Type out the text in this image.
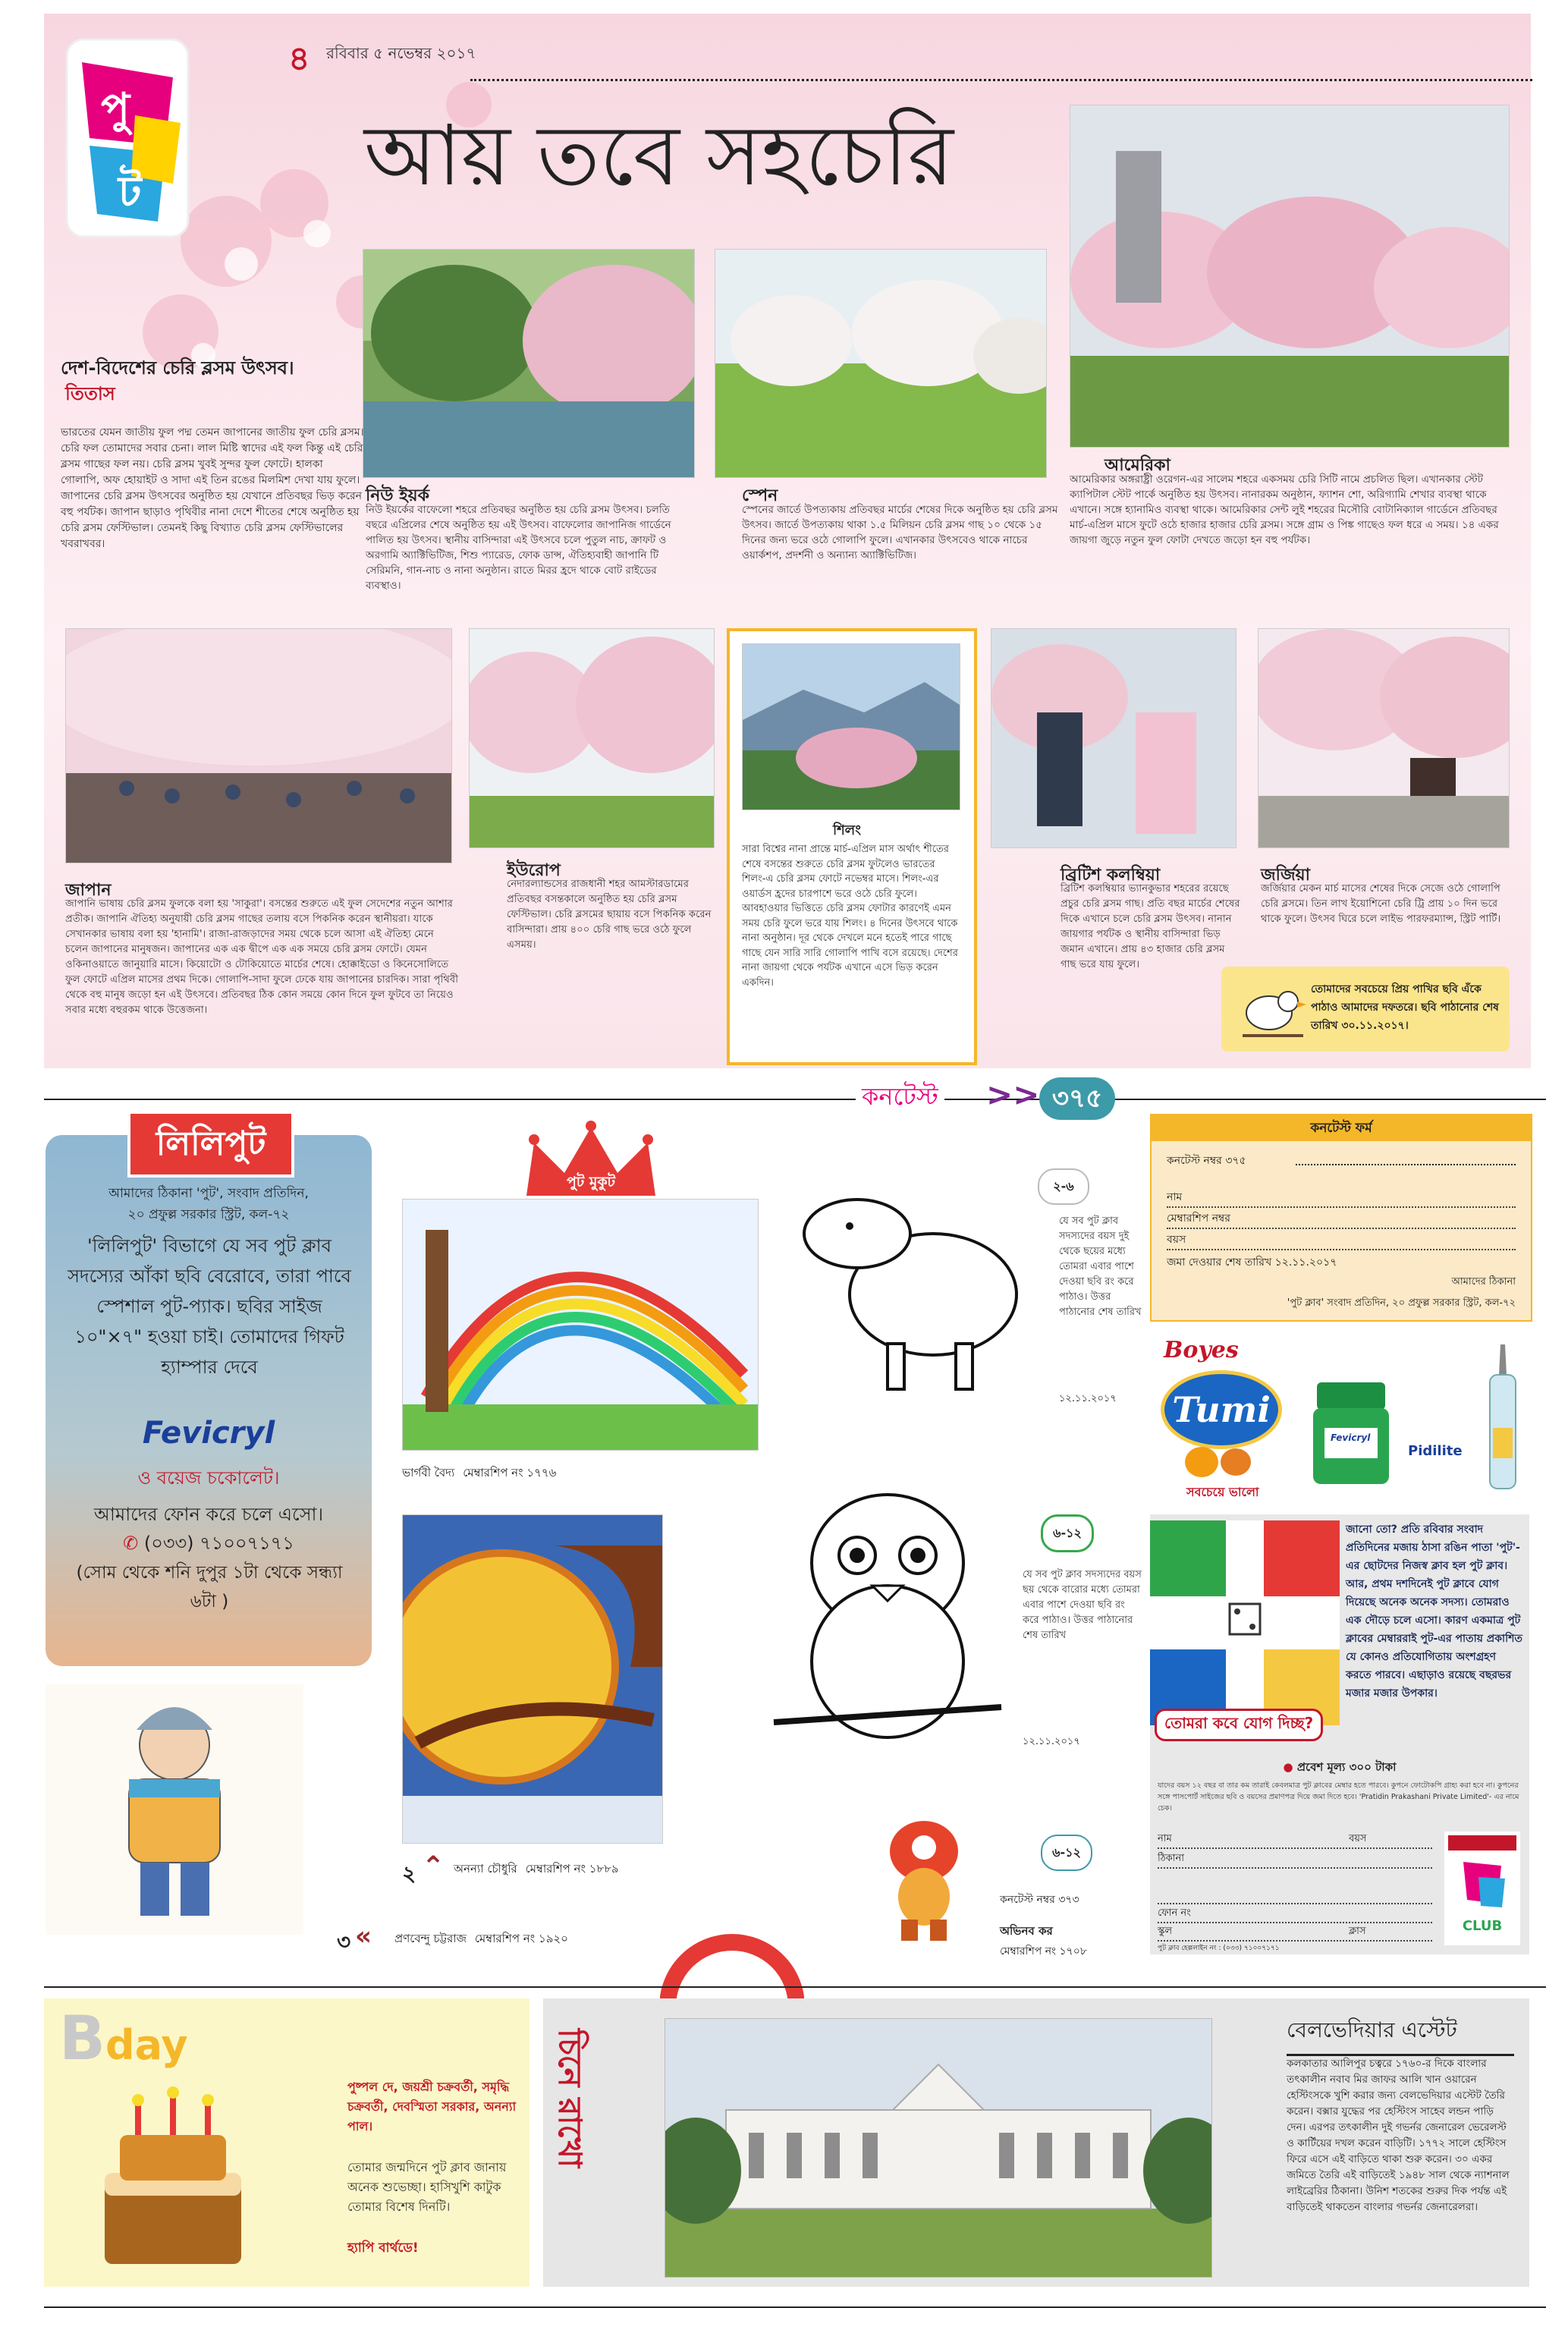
পু
ট
৪ রবিবার ৫ নভেম্বর ২০১৭
আয় তবে সহচেরি
দেশ-বিদেশের চেরি ব্লসম উৎসব। তিতাস
ভারতের যেমন জাতীয় ফুল পদ্ম তেমন জাপানের জাতীয় ফুল চেরি ব্লসম। চেরি ফল তোমাদের সবার চেনা। লাল মিষ্টি স্বাদের এই ফল কিন্তু এই চেরি ব্লসম গাছের ফল নয়। চেরি ব্লসম খুবই সুন্দর ফুল ফোটে। হালকা গোলাপি, অফ হোয়াইট ও সাদা এই তিন রঙের মিলমিশ দেখা যায় ফুলে। জাপানের চেরি ব্লসম উৎসবের অনুষ্ঠিত হয় যেখানে প্রতিবছর ভিড় করেন বহু পর্যটক। জাপান ছাড়াও পৃথিবীর নানা দেশে শীতের শেষে অনুষ্ঠিত হয় চেরি ব্লসম ফেস্টিভাল। তেমনই কিছু বিখ্যাত চেরি ব্লসম ফেস্টিভালের খবরাখবর।
নিউ ইয়র্ক
নিউ ইয়র্কের বাফেলো শহরে প্রতিবছর অনুষ্ঠিত হয় চেরি ব্লসম উৎসব। চলতি বছরে এপ্রিলের শেষে অনুষ্ঠিত হয় এই উৎসব। বাফেলোর জাপানিজ গার্ডেনে পালিত হয় উৎসব। স্থানীয় বাসিন্দারা এই উৎসবে চলে পুতুল নাচ, ক্রাফট ও অরগামি অ্যাক্টিভিটিজ, শিশু প্যারেড, ফোক ডান্স, ঐতিহ্যবাহী জাপানি টি সেরিমনি, গান-নাচ ও নানা অনুষ্ঠান। রাতে মিরর হ্রদে থাকে বোট রাইডের ব্যবস্থাও।
স্পেন
স্পেনের জার্তে উপত্যকায় প্রতিবছর মার্চের শেষের দিকে অনুষ্ঠিত হয় চেরি ব্লসম উৎসব। জার্তে উপত্যকায় থাকা ১.৫ মিলিয়ন চেরি ব্লসম গাছ ১০ থেকে ১৫ দিনের জন্য ভরে ওঠে গোলাপি ফুলে। এখানকার উৎসবেও থাকে নাচের ওয়ার্কশপ, প্রদর্শনী ও অন্যান্য অ্যাক্টিভিটিজ।
আমেরিকা
আমেরিকার অঙ্গরাষ্ট্রী ওরেগন-এর সালেম শহরে একসময় চেরি সিটি নামে প্রচলিত ছিল। এখানকার স্টেট ক্যাপিটাল স্টেট পার্কে অনুষ্ঠিত হয় উৎসব। নানারকম অনুষ্ঠান, ফ্যাশন শো, অরিগ্যামি শেখার ব্যবস্থা থাকে এখানে। সঙ্গে হ্যানামিও ব্যবস্থা থাকে। আমেরিকার সেন্ট লুই শহরের মিসৌরি বোটানিক্যাল গার্ডেনে প্রতিবছর মার্চ-এপ্রিল মাসে ফুটে ওঠে হাজার হাজার চেরি ব্লসম। সঙ্গে গ্রাম ও পিঙ্ক গাছেও ফল ধরে এ সময়। ১৪ একর জায়গা জুড়ে নতুন ফুল ফোটা দেখতে জড়ো হন বহু পর্যটক।
শিলং
সারা বিশ্বের নানা প্রান্তে মার্চ-এপ্রিল মাস অর্থাৎ শীতের শেষে বসন্তের শুরুতে চেরি ব্লসম ফুটলেও ভারতের শিলং-এ চেরি ব্লসম ফোটে নভেম্বর মাসে। শিলং-এর ওয়ার্ডস হ্রদের চারপাশে ভরে ওঠে চেরি ফুলে। আবহাওয়ার ভিত্তিতে চেরি ব্লসম ফোটার কারণেই এমন সময় চেরি ফুলে ভরে যায় শিলং। ৪ দিনের উৎসবে থাকে নানা অনুষ্ঠান। দূর থেকে দেখলে মনে হতেই পারে গাছে গাছে যেন সারি সারি গোলাপি পাখি বসে রয়েছে। দেশের নানা জায়গা থেকে পর্যটক এখানে এসে ভিড় করেন একদিন।
জাপান
জাপানি ভাষায় চেরি ব্লসম ফুলকে বলা হয় 'সাকুরা'। বসন্তের শুরুতে এই ফুল সেদেশের নতুন আশার প্রতীক। জাপানি ঐতিহ্য অনুযায়ী চেরি ব্লসম গাছের তলায় বসে পিকনিক করেন স্থানীয়রা। যাকে সেখানকার ভাষায় বলা হয় 'হানামি'। রাজা-রাজড়াদের সময় থেকে চলে আসা এই ঐতিহ্য মেনে চলেন জাপানের মানুষজন। জাপানের এক এক দ্বীপে এক এক সময়ে চেরি ব্লসম ফোটে। যেমন ওকিনাওয়াতে জানুয়ারি মাসে। কিয়োটো ও টোকিয়োতে মার্চের শেষে। হোক্কাইডো ও কিনেসোলিতে ফুল ফোটে এপ্রিল মাসের প্রথম দিকে। গোলাপি-সাদা ফুলে ঢেকে যায় জাপানের চারদিক। সারা পৃথিবী থেকে বহু মানুষ জড়ো হন এই উৎসবে। প্রতিবছর ঠিক কোন সময়ে কোন দিনে ফুল ফুটবে তা নিয়েও সবার মধ্যে বহুরকম থাকে উত্তেজনা।
ইউরোপ
নেদারল্যান্ডসের রাজধানী শহর আমস্টারডামের প্রতিবছর বসন্তকালে অনুষ্ঠিত হয় চেরি ব্লসম ফেস্টিভাল। চেরি ব্লসমের ছায়ায় বসে পিকনিক করেন বাসিন্দারা। প্রায় ৪০০ চেরি গাছ ভরে ওঠে ফুলে এসময়।
ব্রিটিশ কলম্বিয়া
ব্রিটিশ কলম্বিয়ার ভ্যানকুভার শহরের রয়েছে প্রচুর চেরি ব্লসম গাছ। প্রতি বছর মার্চের শেষের দিকে এখানে চলে চেরি ব্লসম উৎসব। নানান জায়গার পর্যটক ও স্থানীয় বাসিন্দারা ভিড় জমান এখানে। প্রায় ৪৩ হাজার চেরি ব্লসম গাছ ভরে যায় ফুলে।
জর্জিয়া
জর্জিয়ার মেকন মার্চ মাসের শেষের দিকে সেজে ওঠে গোলাপি চেরি ব্লসমে। তিন লাখ ইয়োশিনো চেরি ট্রি প্রায় ১০ দিন ভরে থাকে ফুলে। উৎসব ঘিরে চলে লাইভ পারফরম্যান্স, স্ট্রিট পার্টি।
তোমাদের সবচেয়ে প্রিয় পাখির ছবি এঁকে পাঠাও আমাদের দফতরে। ছবি পাঠানোর শেষ তারিখ ৩০.১১.২০১৭।
কনটেস্ট >> ৩৭৫
লিলিপুট
আমাদের ঠিকানা 'পুট', সংবাদ প্রতিদিন,
২০ প্রফুল্ল সরকার স্ট্রিট, কল-৭২
'লিলিপুট' বিভাগে যে সব পুট ক্লাব সদস্যের আঁকা ছবি বেরোবে, তারা পাবে স্পেশাল পুট-প্যাক। ছবির সাইজ ১০"×৭" হওয়া চাই। তোমাদের গিফট হ্যাম্পার দেবে
Fevicryl
ও বয়েজ চকোলেট।
আমাদের ফোন করে চলে এসো।
✆ (০৩৩) ৭১০০৭১৭১
(সোম থেকে শনি দুপুর ১টা থেকে সন্ধ্যা ৬টা )
পুট মুকুট
ভার্গবী বৈদ্য মেম্বারশিপ নং ১৭৭৬
২ ⌃ অনন্যা চৌধুরি মেম্বারশিপ নং ১৮৮৯
৩ « প্রণবেন্দু চট্টরাজ মেম্বারশিপ নং ১৯২০
২-৬
যে সব পুট ক্লাব সদস্যদের বয়স দুই থেকে ছয়ের মধ্যে তোমরা এবার পাশে দেওয়া ছবি রং করে পাঠাও। উত্তর পাঠানোর শেষ তারিখ
১২.১১.২০১৭
৬-১২
যে সব পুট ক্লাব সদস্যদের বয়স ছয় থেকে বারোর মধ্যে তোমরা এবার পাশে দেওয়া ছবি রং করে পাঠাও। উত্তর পাঠানোর শেষ তারিখ
১২.১১.২০১৭
৬-১২
কনটেস্ট নম্বর ৩৭৩
অভিনব কর
মেম্বারশিপ নং ১৭০৮
কনটেস্ট ফর্ম
কনটেস্ট নম্বর ৩৭৫
নাম
মেম্বারশিপ নম্বর
বয়স
জমা দেওয়ার শেষ তারিখ ১২.১১.২০১৭
আমাদের ঠিকানা
'পুট ক্লাব' সংবাদ প্রতিদিন, ২০ প্রফুল্ল সরকার স্ট্রিট, কল-৭২
Boyes
Tumi
সবচেয়ে ভালো
Fevicryl
Pidilite
জানো তো? প্রতি রবিবার সংবাদ প্রতিদিনের মজায় ঠাসা রঙিন পাতা 'পুট'-এর ছোটদের নিজস্ব ক্লাব হল পুট ক্লাব। আর, প্রথম দশদিনেই পুট ক্লাবে যোগ দিয়েছে অনেক অনেক সদস্য। তোমরাও এক দৌড়ে চলে এসো। কারণ একমাত্র পুট ক্লাবের মেম্বাররাই পুট-এর পাতায় প্রকাশিত যে কোনও প্রতিযোগিতায় অংশগ্রহণ করতে পারবে। এছাড়াও রয়েছে বছরভর মজার মজার উপকার।
তোমরা কবে যোগ দিচ্ছ?
● প্রবেশ মূল্য ৩০০ টাকা
যাদের বয়স ১২ বছর বা তার কম তারাই কেবলমাত্র পুট ক্লাবের মেম্বার হতে পারবে। কুপনে ফোটোকপি গ্রাহ্য করা হবে না। কুপনের সঙ্গে পাসপোর্ট সাইজের ছবি ও বয়সের প্রমাণপত্র দিয়ে জমা দিতে হবে। 'Pratidin Prakashani Private Limited'- এর নামে চেক।
নাম	বয়স
ঠিকানা
ফোন নং
স্কুল	ক্লাস
পুট ক্লাব হেল্পলাইন নং : (০৩৩) ৭১০০৭১৭১
CLUB
Bday
পুষ্পল দে, জয়শ্রী চক্রবর্তী, সমৃদ্ধি চক্রবর্তী, দেবস্মিতা সরকার, অনন্যা পাল।
তোমার জন্মদিনে পুট ক্লাব জানায় অনেক শুভেচ্ছা। হাসিখুশি কাটুক তোমার বিশেষ দিনটি।
হ্যাপি বার্থডে!
চিনে রাখো	বেলভেদিয়ার এস্টেট
কলকাতার আলিপুর চত্বরে ১৭৬০-র দিকে বাংলার তৎকালীন নবাব মির জাফর আলি খান ওয়ারেন হেস্টিংসকে খুশি করার জন্য বেলভেদিয়ার এস্টেট তৈরি করেন। বক্সার যুদ্ধের পর হেস্টিংস সাহেব লন্ডন পাড়ি দেন। এরপর তৎকালীন দুই গভর্নর জেনারেল ভেরেলস্ট ও কার্টিয়ের দখল করেন বাড়িটি। ১৭৭২ সালে হেস্টিংস ফিরে এসে এই বাড়িতে থাকা শুরু করেন। ৩০ একর জমিতে তৈরি এই বাড়িতেই ১৯৪৮ সাল থেকে ন্যাশনাল লাইব্রেরির ঠিকানা। উনিশ শতকের শুরুর দিক পর্যন্ত এই বাড়িতেই থাকতেন বাংলার গভর্নর জেনারেলরা।
